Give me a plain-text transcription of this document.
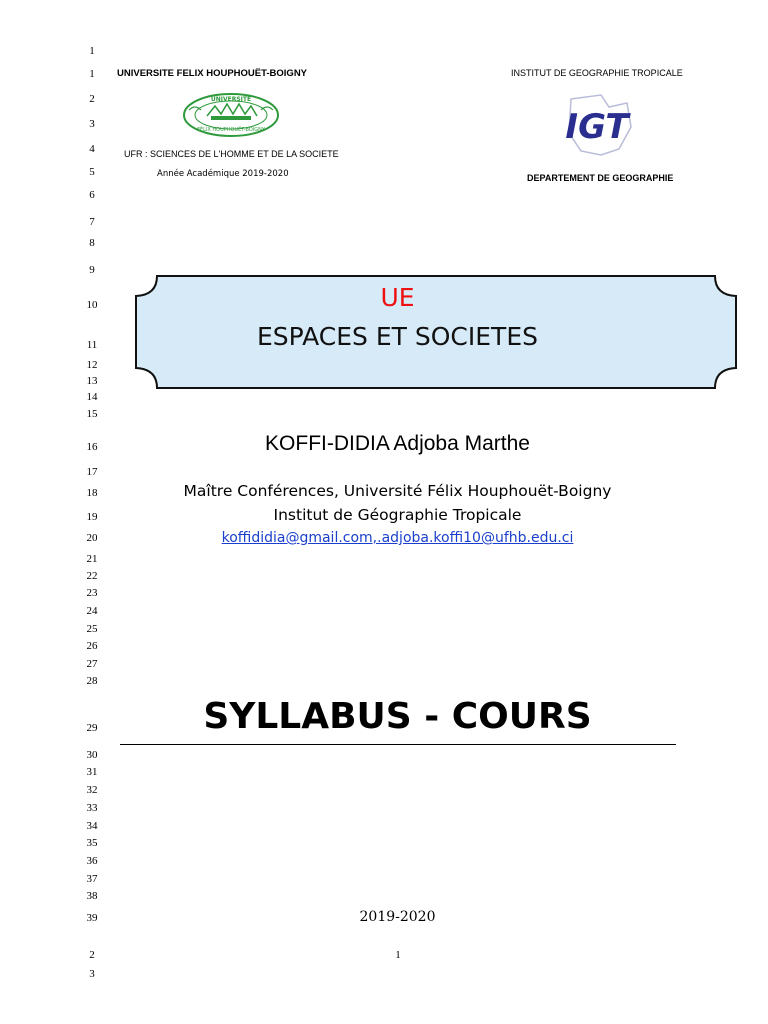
1
1
2
3
4
5
6
7
8
9
10
11
12
13
14
15
16
17
18
19
20
21
22
23
24
25
26
27
28
29
30
31
32
33
34
35
36
37
38
39
2
3
UNIVERSITE FELIX HOUPHOUËT-BOIGNY
UNIVERSITÉ
FÉLIX HOUPHOUËT-BOIGNY
UFR : SCIENCES DE L'HOMME ET DE LA SOCIETE
Année Académique 2019-2020
INSTITUT DE GEOGRAPHIE TROPICALE
IGT
DEPARTEMENT DE GEOGRAPHIE
UE
ESPACES ET SOCIETES
KOFFI-DIDIA Adjoba Marthe
Maître Conférences, Université Félix Houphouët-Boigny
Institut de Géographie Tropicale
koffididia@gmail.com,.adjoba.koffi10@ufhb.edu.ci
SYLLABUS - COURS
2019-2020
1
